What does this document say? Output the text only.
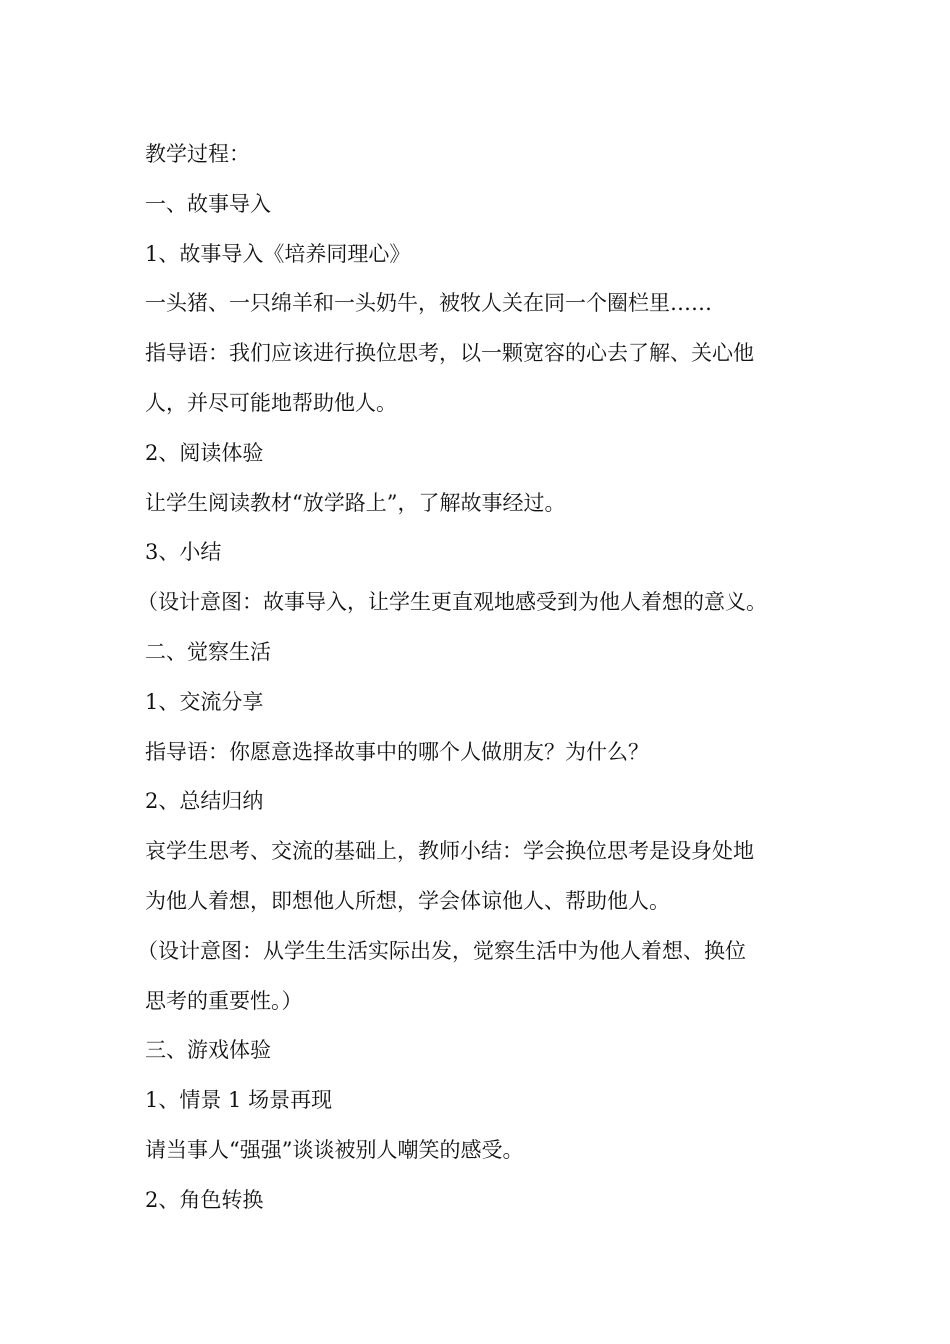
教学过程：
一、故事导入
1、故事导入《培养同理心》
一头猪、一只绵羊和一头奶牛，被牧人关在同一个圈栏里……
指导语：我们应该进行换位思考，以一颗宽容的心去了解、关心他
人，并尽可能地帮助他人。
2、阅读体验
让学生阅读教材“放学路上”，了解故事经过。
3、小结
（设计意图：故事导入，让学生更直观地感受到为他人着想的意义。
二、觉察生活
1、交流分享
指导语：你愿意选择故事中的哪个人做朋友？为什么？
2、总结归纳
哀学生思考、交流的基础上，教师小结：学会换位思考是设身处地
为他人着想，即想他人所想，学会体谅他人、帮助他人。
（设计意图：从学生生活实际出发，觉察生活中为他人着想、换位
思考的重要性。）
三、游戏体验
1、情景 1 场景再现
请当事人“强强”谈谈被别人嘲笑的感受。
2、角色转换
